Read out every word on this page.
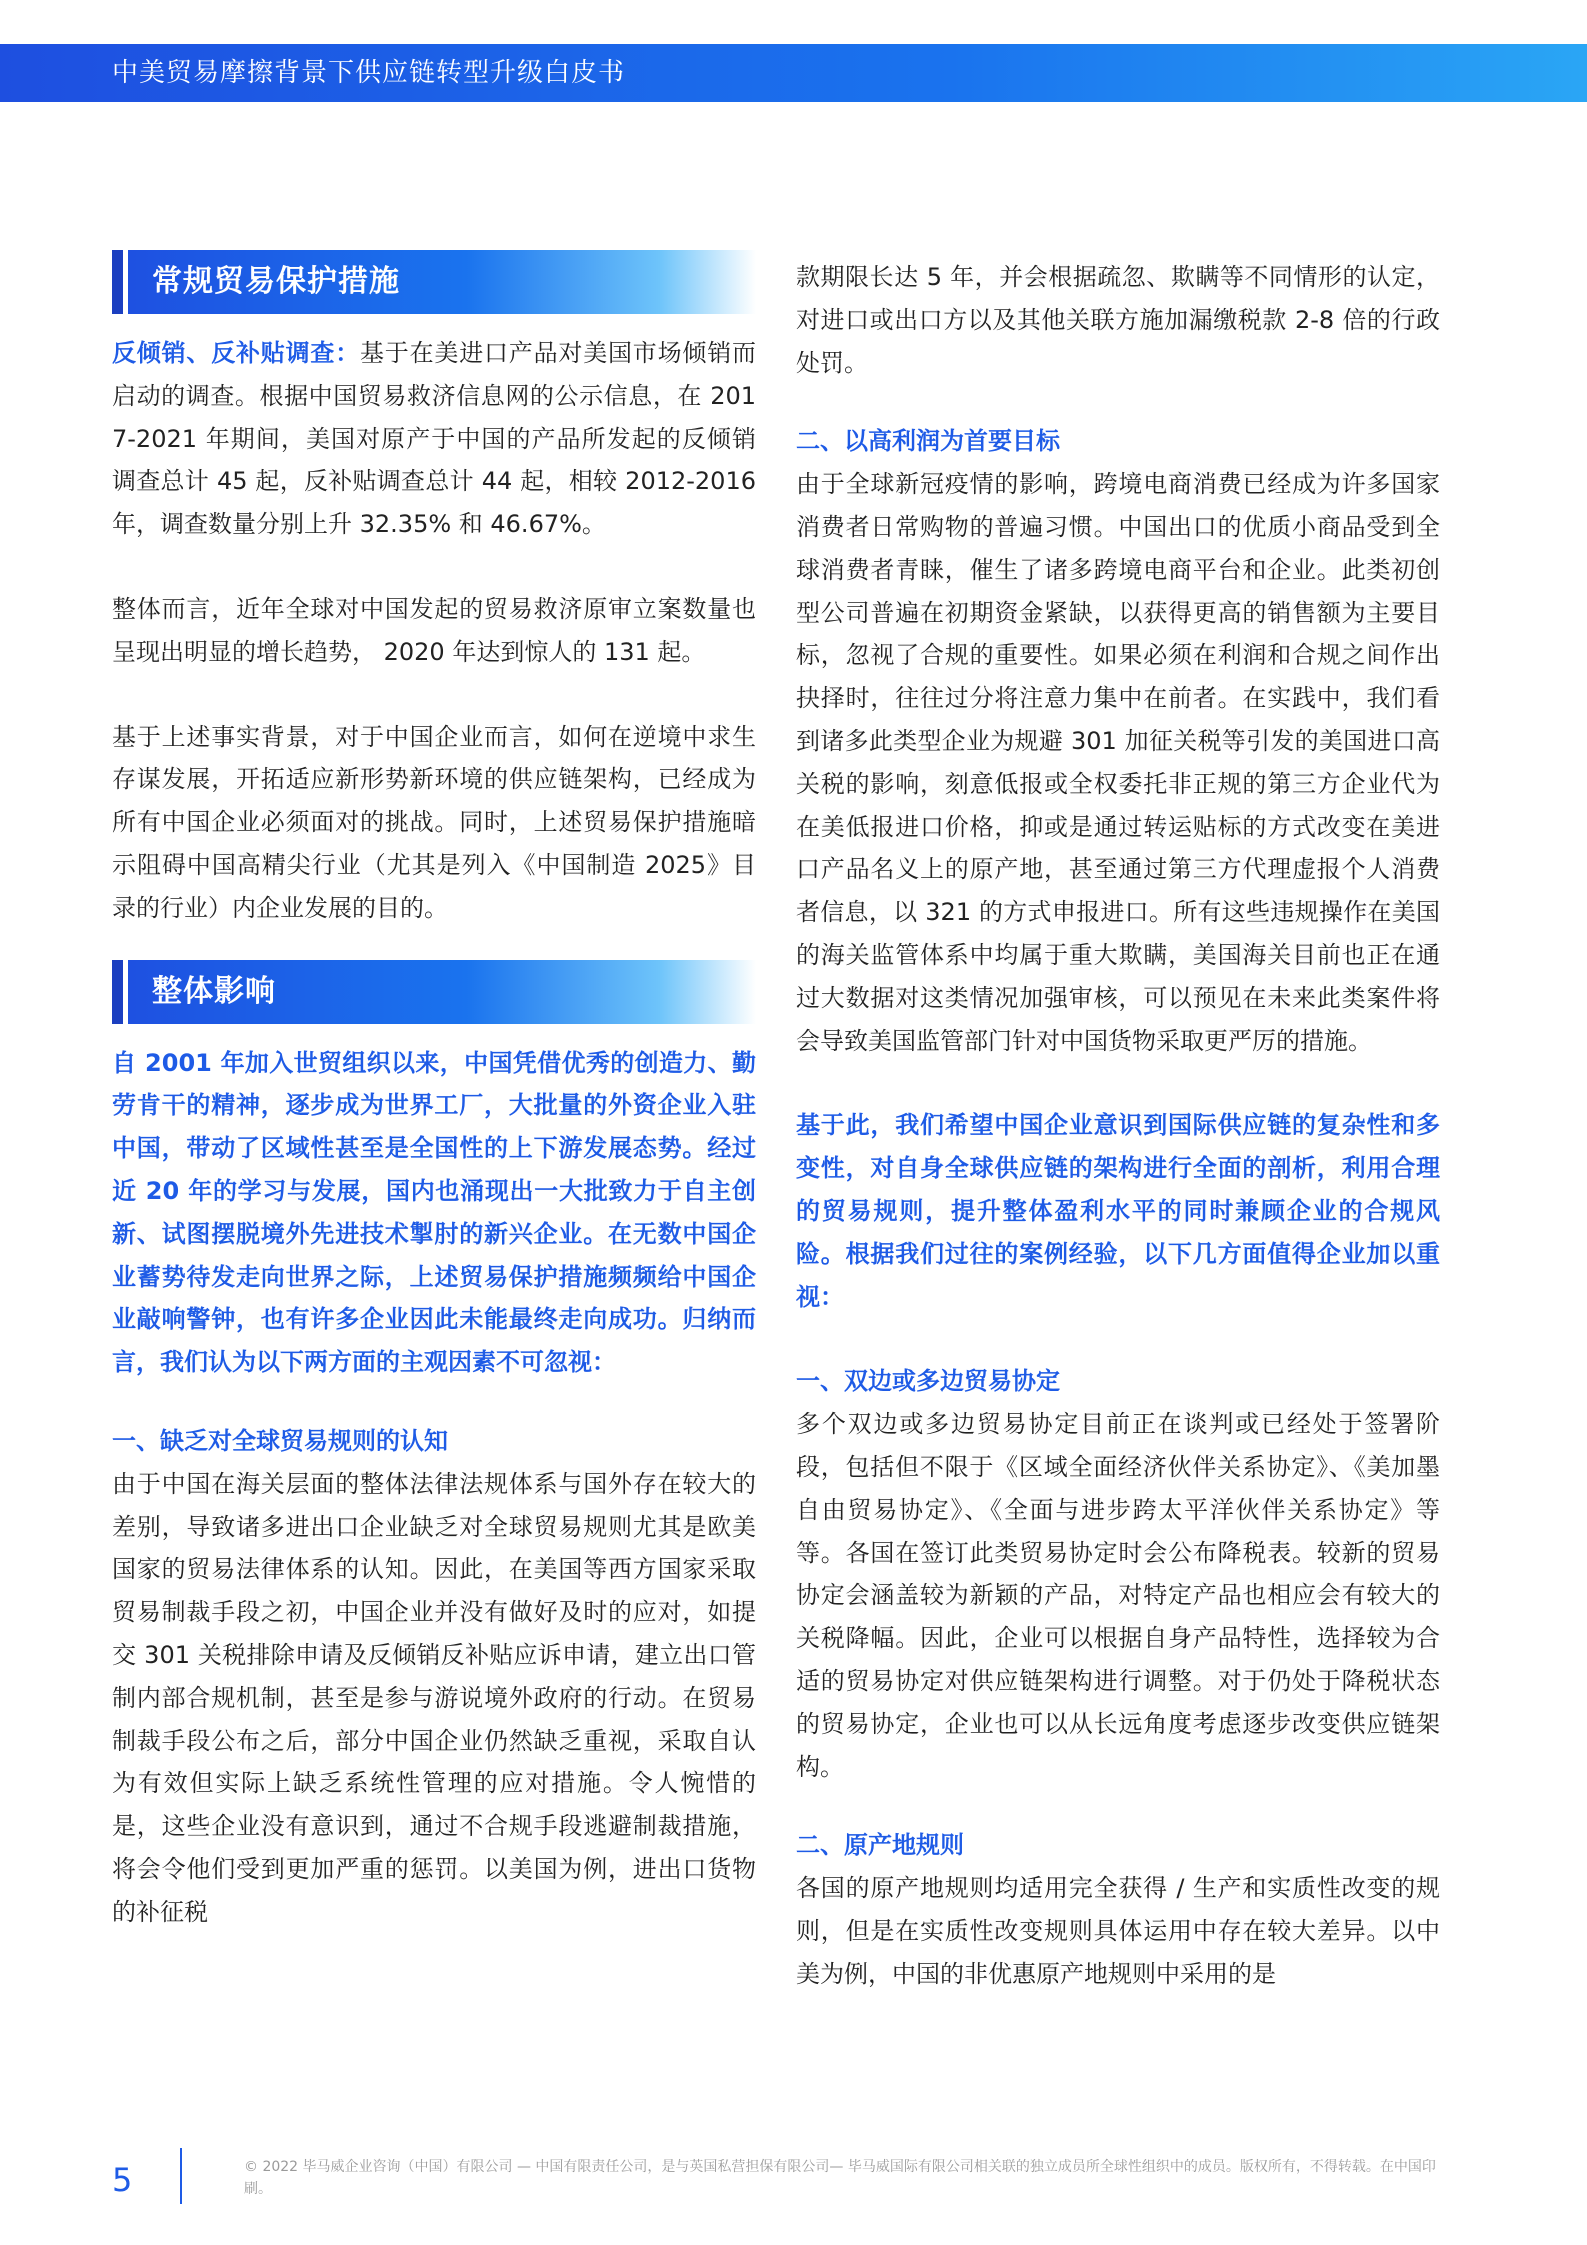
中美贸易摩擦背景下供应链转型升级白皮书
常规贸易保护措施
反倾销、反补贴调查：基于在美进口产品对美国市场倾销而启动的调查。根据中国贸易救济信息网的公示信息，在 2017-2021 年期间，美国对原产于中国的产品所发起的反倾销调查总计 45 起，反补贴调查总计 44 起，相较 2012-2016 年，调查数量分别上升 32.35% 和 46.67%。
整体而言，近年全球对中国发起的贸易救济原审立案数量也呈现出明显的增长趋势， 2020 年达到惊人的 131 起。
基于上述事实背景，对于中国企业而言，如何在逆境中求生存谋发展，开拓适应新形势新环境的供应链架构，已经成为所有中国企业必须面对的挑战。同时，上述贸易保护措施暗示阻碍中国高精尖行业（尤其是列入《中国制造 2025》目录的行业）内企业发展的目的。
整体影响
自 2001 年加入世贸组织以来，中国凭借优秀的创造力、勤劳肯干的精神，逐步成为世界工厂，大批量的外资企业入驻中国，带动了区域性甚至是全国性的上下游发展态势。经过近 20 年的学习与发展，国内也涌现出一大批致力于自主创新、试图摆脱境外先进技术掣肘的新兴企业。在无数中国企业蓄势待发走向世界之际，上述贸易保护措施频频给中国企业敲响警钟，也有许多企业因此未能最终走向成功。归纳而言，我们认为以下两方面的主观因素不可忽视：
一、缺乏对全球贸易规则的认知
由于中国在海关层面的整体法律法规体系与国外存在较大的差别，导致诸多进出口企业缺乏对全球贸易规则尤其是欧美国家的贸易法律体系的认知。因此，在美国等西方国家采取贸易制裁手段之初，中国企业并没有做好及时的应对，如提交 301 关税排除申请及反倾销反补贴应诉申请，建立出口管制内部合规机制，甚至是参与游说境外政府的行动。在贸易制裁手段公布之后，部分中国企业仍然缺乏重视，采取自认为有效但实际上缺乏系统性管理的应对措施。令人惋惜的是，这些企业没有意识到，通过不合规手段逃避制裁措施，将会令他们受到更加严重的惩罚。以美国为例，进出口货物的补征税
款期限长达 5 年，并会根据疏忽、欺瞒等不同情形的认定，对进口或出口方以及其他关联方施加漏缴税款 2-8 倍的行政处罚。
二、以高利润为首要目标
由于全球新冠疫情的影响，跨境电商消费已经成为许多国家消费者日常购物的普遍习惯。中国出口的优质小商品受到全球消费者青睐，催生了诸多跨境电商平台和企业。此类初创型公司普遍在初期资金紧缺，以获得更高的销售额为主要目标，忽视了合规的重要性。如果必须在利润和合规之间作出抉择时，往往过分将注意力集中在前者。在实践中，我们看到诸多此类型企业为规避 301 加征关税等引发的美国进口高关税的影响，刻意低报或全权委托非正规的第三方企业代为在美低报进口价格，抑或是通过转运贴标的方式改变在美进口产品名义上的原产地，甚至通过第三方代理虚报个人消费者信息，以 321 的方式申报进口。所有这些违规操作在美国的海关监管体系中均属于重大欺瞒，美国海关目前也正在通过大数据对这类情况加强审核，可以预见在未来此类案件将会导致美国监管部门针对中国货物采取更严厉的措施。
基于此，我们希望中国企业意识到国际供应链的复杂性和多变性，对自身全球供应链的架构进行全面的剖析，利用合理的贸易规则，提升整体盈利水平的同时兼顾企业的合规风险。根据我们过往的案例经验，以下几方面值得企业加以重视：
一、双边或多边贸易协定
多个双边或多边贸易协定目前正在谈判或已经处于签署阶段，包括但不限于《区域全面经济伙伴关系协定》、《美加墨自由贸易协定》、《全面与进步跨太平洋伙伴关系协定》等等。各国在签订此类贸易协定时会公布降税表。较新的贸易协定会涵盖较为新颖的产品，对特定产品也相应会有较大的关税降幅。因此，企业可以根据自身产品特性，选择较为合适的贸易协定对供应链架构进行调整。对于仍处于降税状态的贸易协定，企业也可以从长远角度考虑逐步改变供应链架构。
二、原产地规则
各国的原产地规则均适用完全获得 / 生产和实质性改变的规则，但是在实质性改变规则具体运用中存在较大差异。以中美为例，中国的非优惠原产地规则中采用的是
5	© 2022 毕马威企业咨询（中国）有限公司 — 中国有限责任公司，是与英国私营担保有限公司— 毕马威国际有限公司相关联的独立成员所全球性组织中的成员。版权所有，不得转载。在中国印刷。
